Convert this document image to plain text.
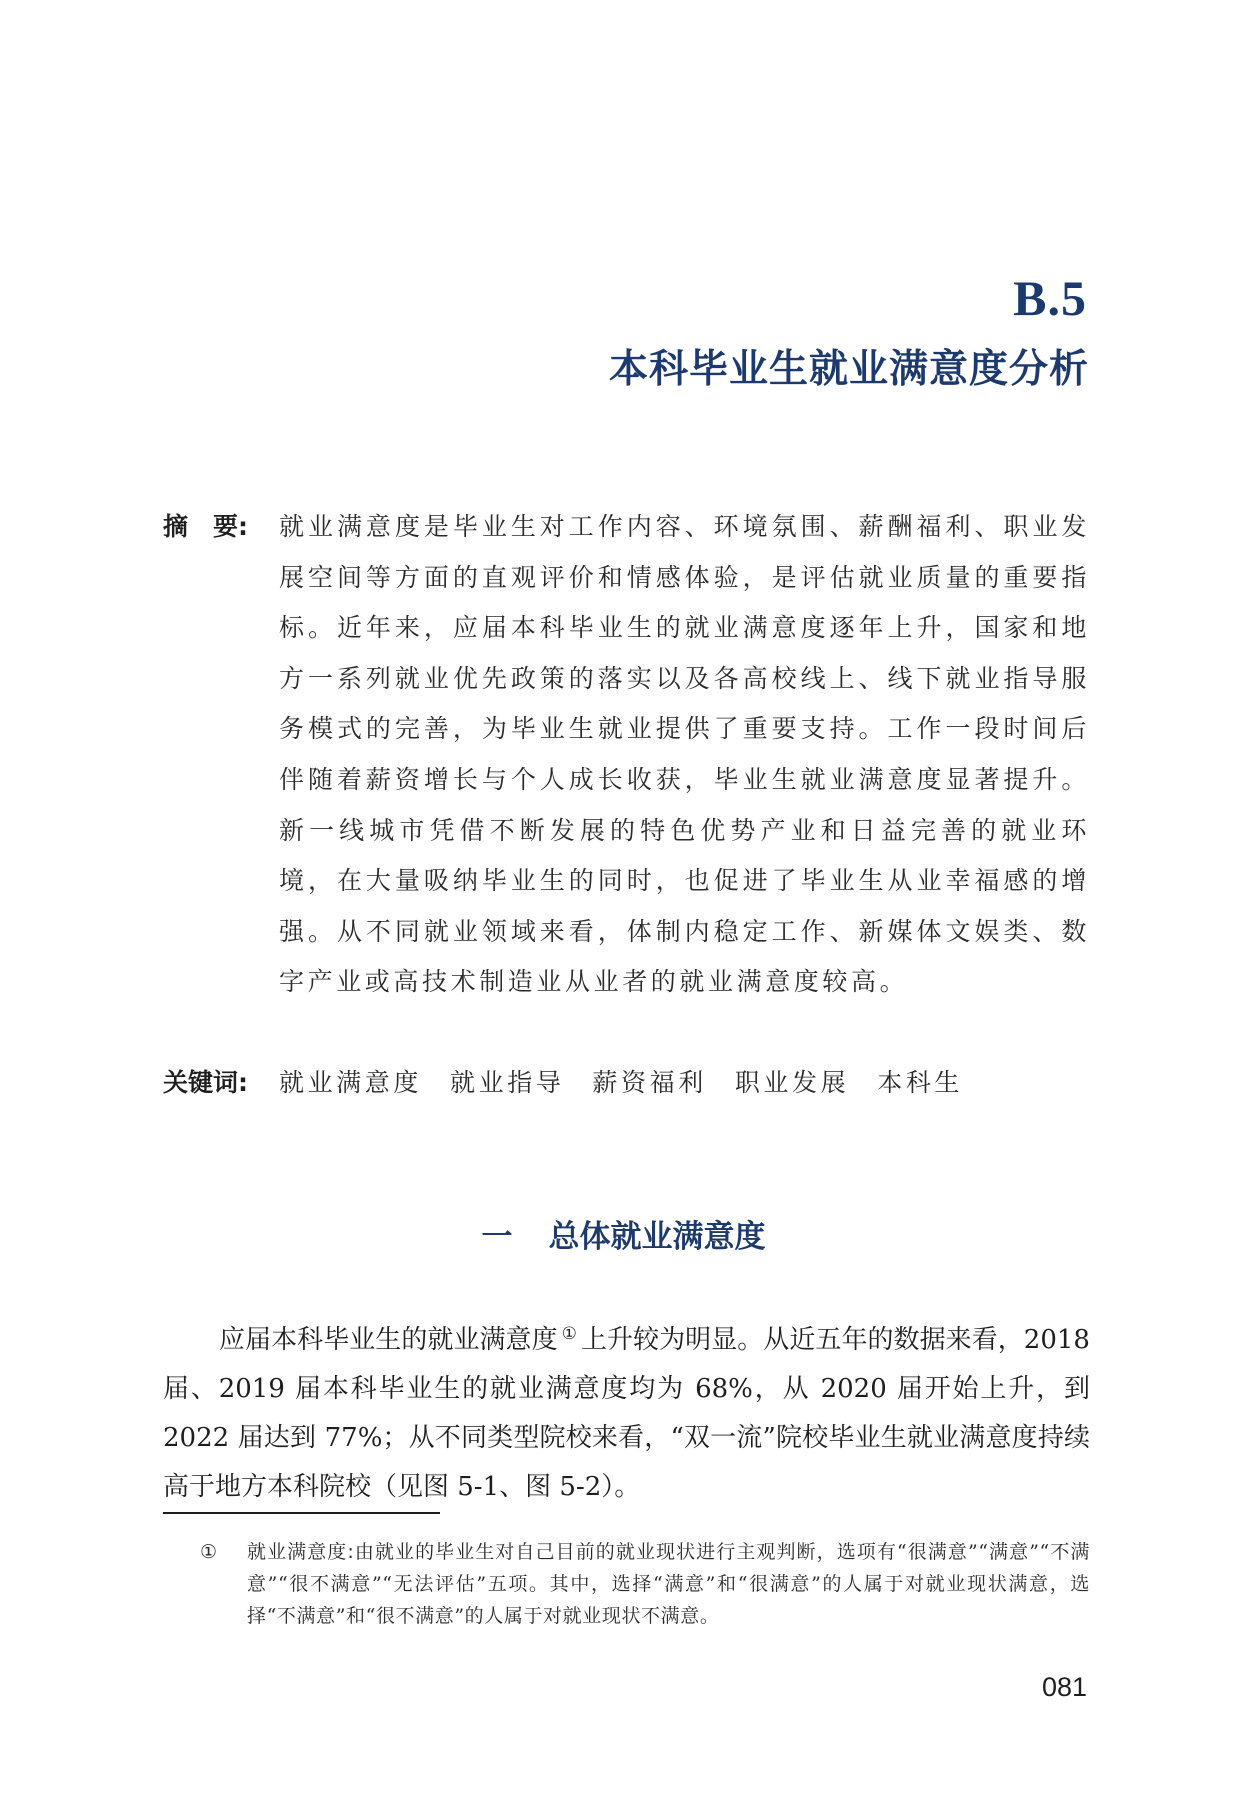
B.5
本科毕业生就业满意度分析
摘　要: 就业满意度是毕业生对工作内容、环境氛围、薪酬福利、职业发展空间等方面的直观评价和情感体验，是评估就业质量的重要指标。近年来，应届本科毕业生的就业满意度逐年上升，国家和地方一系列就业优先政策的落实以及各高校线上、线下就业指导服务模式的完善，为毕业生就业提供了重要支持。工作一段时间后伴随着薪资增长与个人成长收获，毕业生就业满意度显著提升。新一线城市凭借不断发展的特色优势产业和日益完善的就业环境，在大量吸纳毕业生的同时，也促进了毕业生从业幸福感的增强。从不同就业领域来看，体制内稳定工作、新媒体文娱类、数字产业或高技术制造业从业者的就业满意度较高。
关键词: 就业满意度 就业指导 薪资福利 职业发展 本科生
一 总体就业满意度
应届本科毕业生的就业满意度 ① 上升较为明显。从近五年的数据来看，2018 届、2019 届本科毕业生的就业满意度均为 68%，从 2020 届开始上升，到 2022 届达到 77%；从不同类型院校来看，“双一流”院校毕业生就业满意度持续高于地方本科院校（见图 5-1、图 5-2）。
① 就业满意度:由就业的毕业生对自己目前的就业现状进行主观判断，选项有“很满意”“满意”“不满意”“很不满意”“无法评估”五项。其中，选择“满意”和“很满意”的人属于对就业现状满意，选择“不满意”和“很不满意”的人属于对就业现状不满意。
081
